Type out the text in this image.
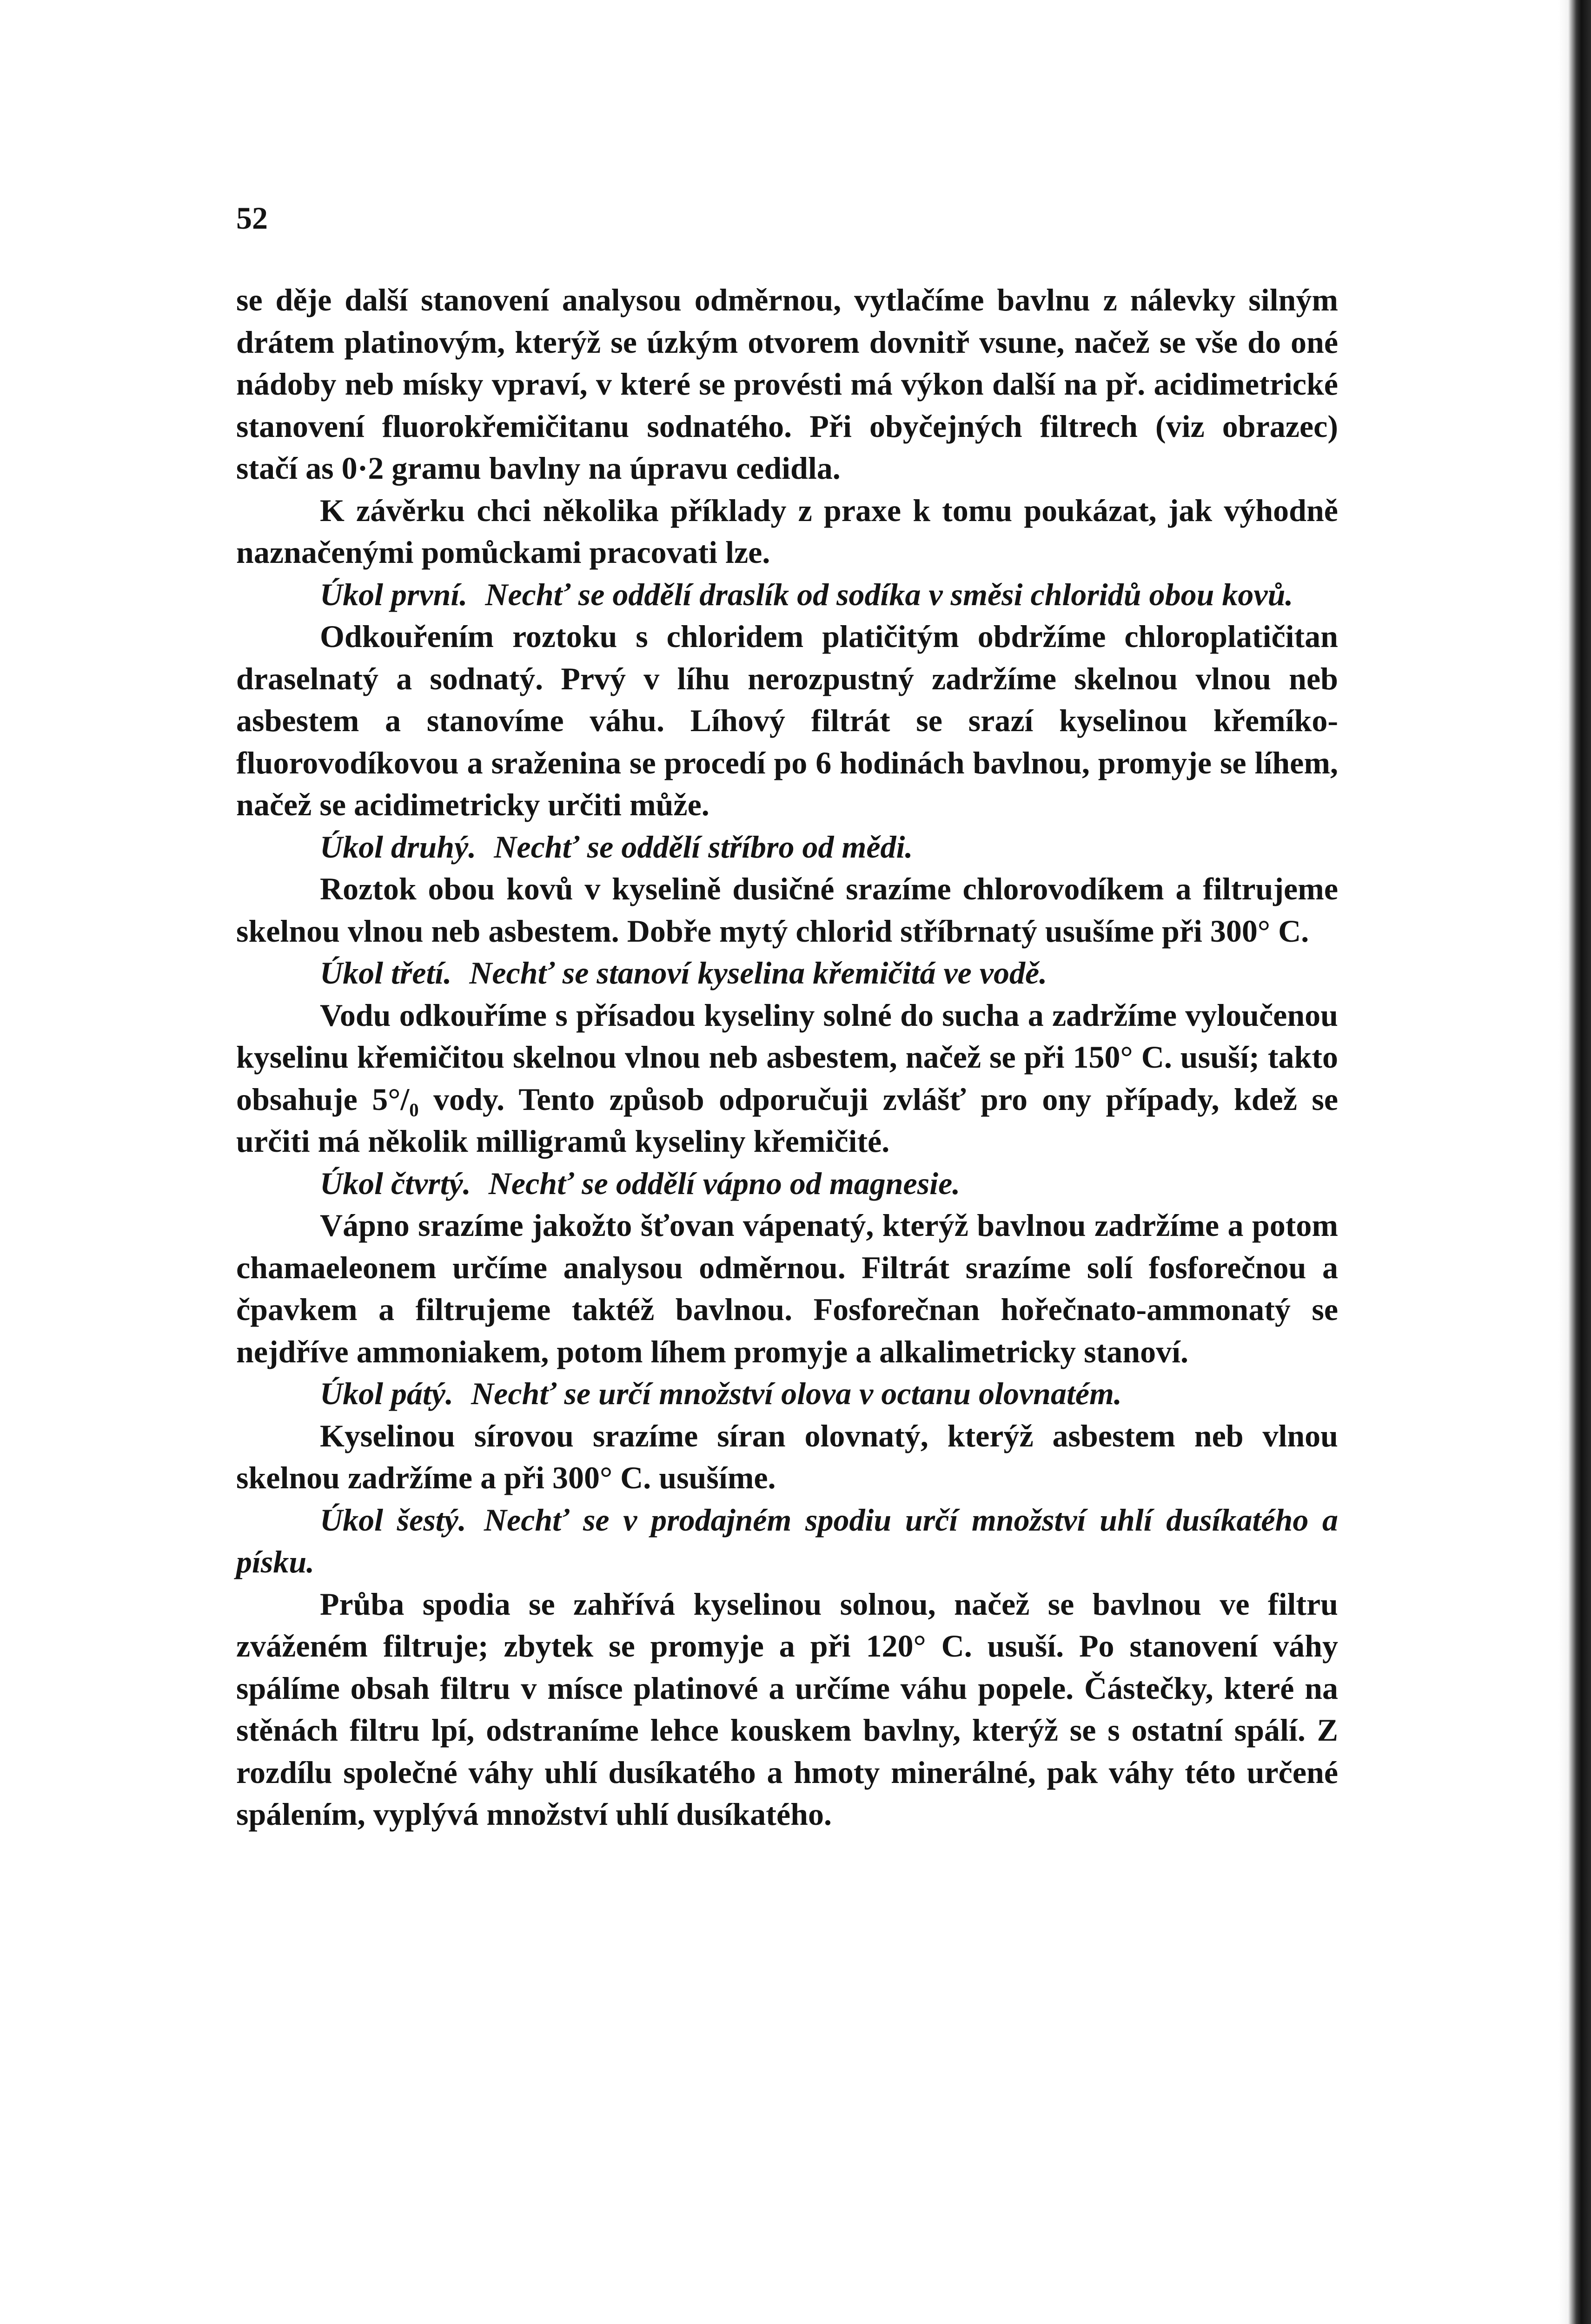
52

se děje další stanovení analysou odměrnou, vytlačíme bavlnu z nálevky silným drátem platinovým, kterýž se úzkým otvorem dovnitř vsune, načež se vše do oné nádoby neb mísky vpraví, v které se provésti má výkon další na př. acidimetrické stanovení fluorokřemičitanu sodnatého. Při obyčejných filtrech (viz obrazec) stačí as 0·2 gramu bavlny na úpravu cedidla.

K závěrku chci několika příklady z praxe k tomu poukázat, jak výhodně naznačenými pomůckami pracovati lze.

Úkol první. Nechť se oddělí draslík od sodíka v směsi chloridů obou kovů.

Odkouřením roztoku s chloridem platičitým obdržíme chloroplatičitan draselnatý a sodnatý. Prvý v líhu nerozpustný zadržíme skelnou vlnou neb asbestem a stanovíme váhu. Líhový filtrát se srazí kyselinou křemíko-fluorovodíkovou a sraženina se procedí po 6 hodinách bavlnou, promyje se líhem, načež se acidimetricky určiti může.

Úkol druhý. Nechť se oddělí stříbro od mědi.

Roztok obou kovů v kyselině dusičné srazíme chlorovodíkem a filtrujeme skelnou vlnou neb asbestem. Dobře mytý chlorid stříbrnatý usušíme při 300° C.

Úkol třetí. Nechť se stanoví kyselina křemičitá ve vodě.

Vodu odkouříme s přísadou kyseliny solné do sucha a zadržíme vyloučenou kyselinu křemičitou skelnou vlnou neb asbestem, načež se při 150° C. usuší; takto obsahuje 5°/₀ vody. Tento způsob odporučuji zvlášť pro ony případy, kdež se určiti má několik milligramů kyseliny křemičité.

Úkol čtvrtý. Nechť se oddělí vápno od magnesie.

Vápno srazíme jakožto šťovan vápenatý, kterýž bavlnou zadržíme a potom chamaeleonem určíme analysou odměrnou. Filtrát srazíme solí fosforečnou a čpavkem a filtrujeme taktéž bavlnou. Fosforečnan hořečnato-ammonatý se nejdříve ammoniakem, potom líhem promyje a alkalimetricky stanoví.

Úkol pátý. Nechť se určí množství olova v octanu olovnatém.

Kyselinou sírovou srazíme síran olovnatý, kterýž asbestem neb vlnou skelnou zadržíme a při 300° C. usušíme.

Úkol šestý. Nechť se v prodajném spodiu určí množství uhlí dusíkatého a písku.

Průba spodia se zahřívá kyselinou solnou, načež se bavlnou ve filtru zváženém filtruje; zbytek se promyje a při 120° C. usuší. Po stanovení váhy spálíme obsah filtru v mísce platinové a určíme váhu popele. Částečky, které na stěnách filtru lpí, odstraníme lehce kouskem bavlny, kterýž se s ostatní spálí. Z rozdílu společné váhy uhlí dusíkatého a hmoty minerálné, pak váhy této určené spálením, vyplývá množství uhlí dusíkatého.
